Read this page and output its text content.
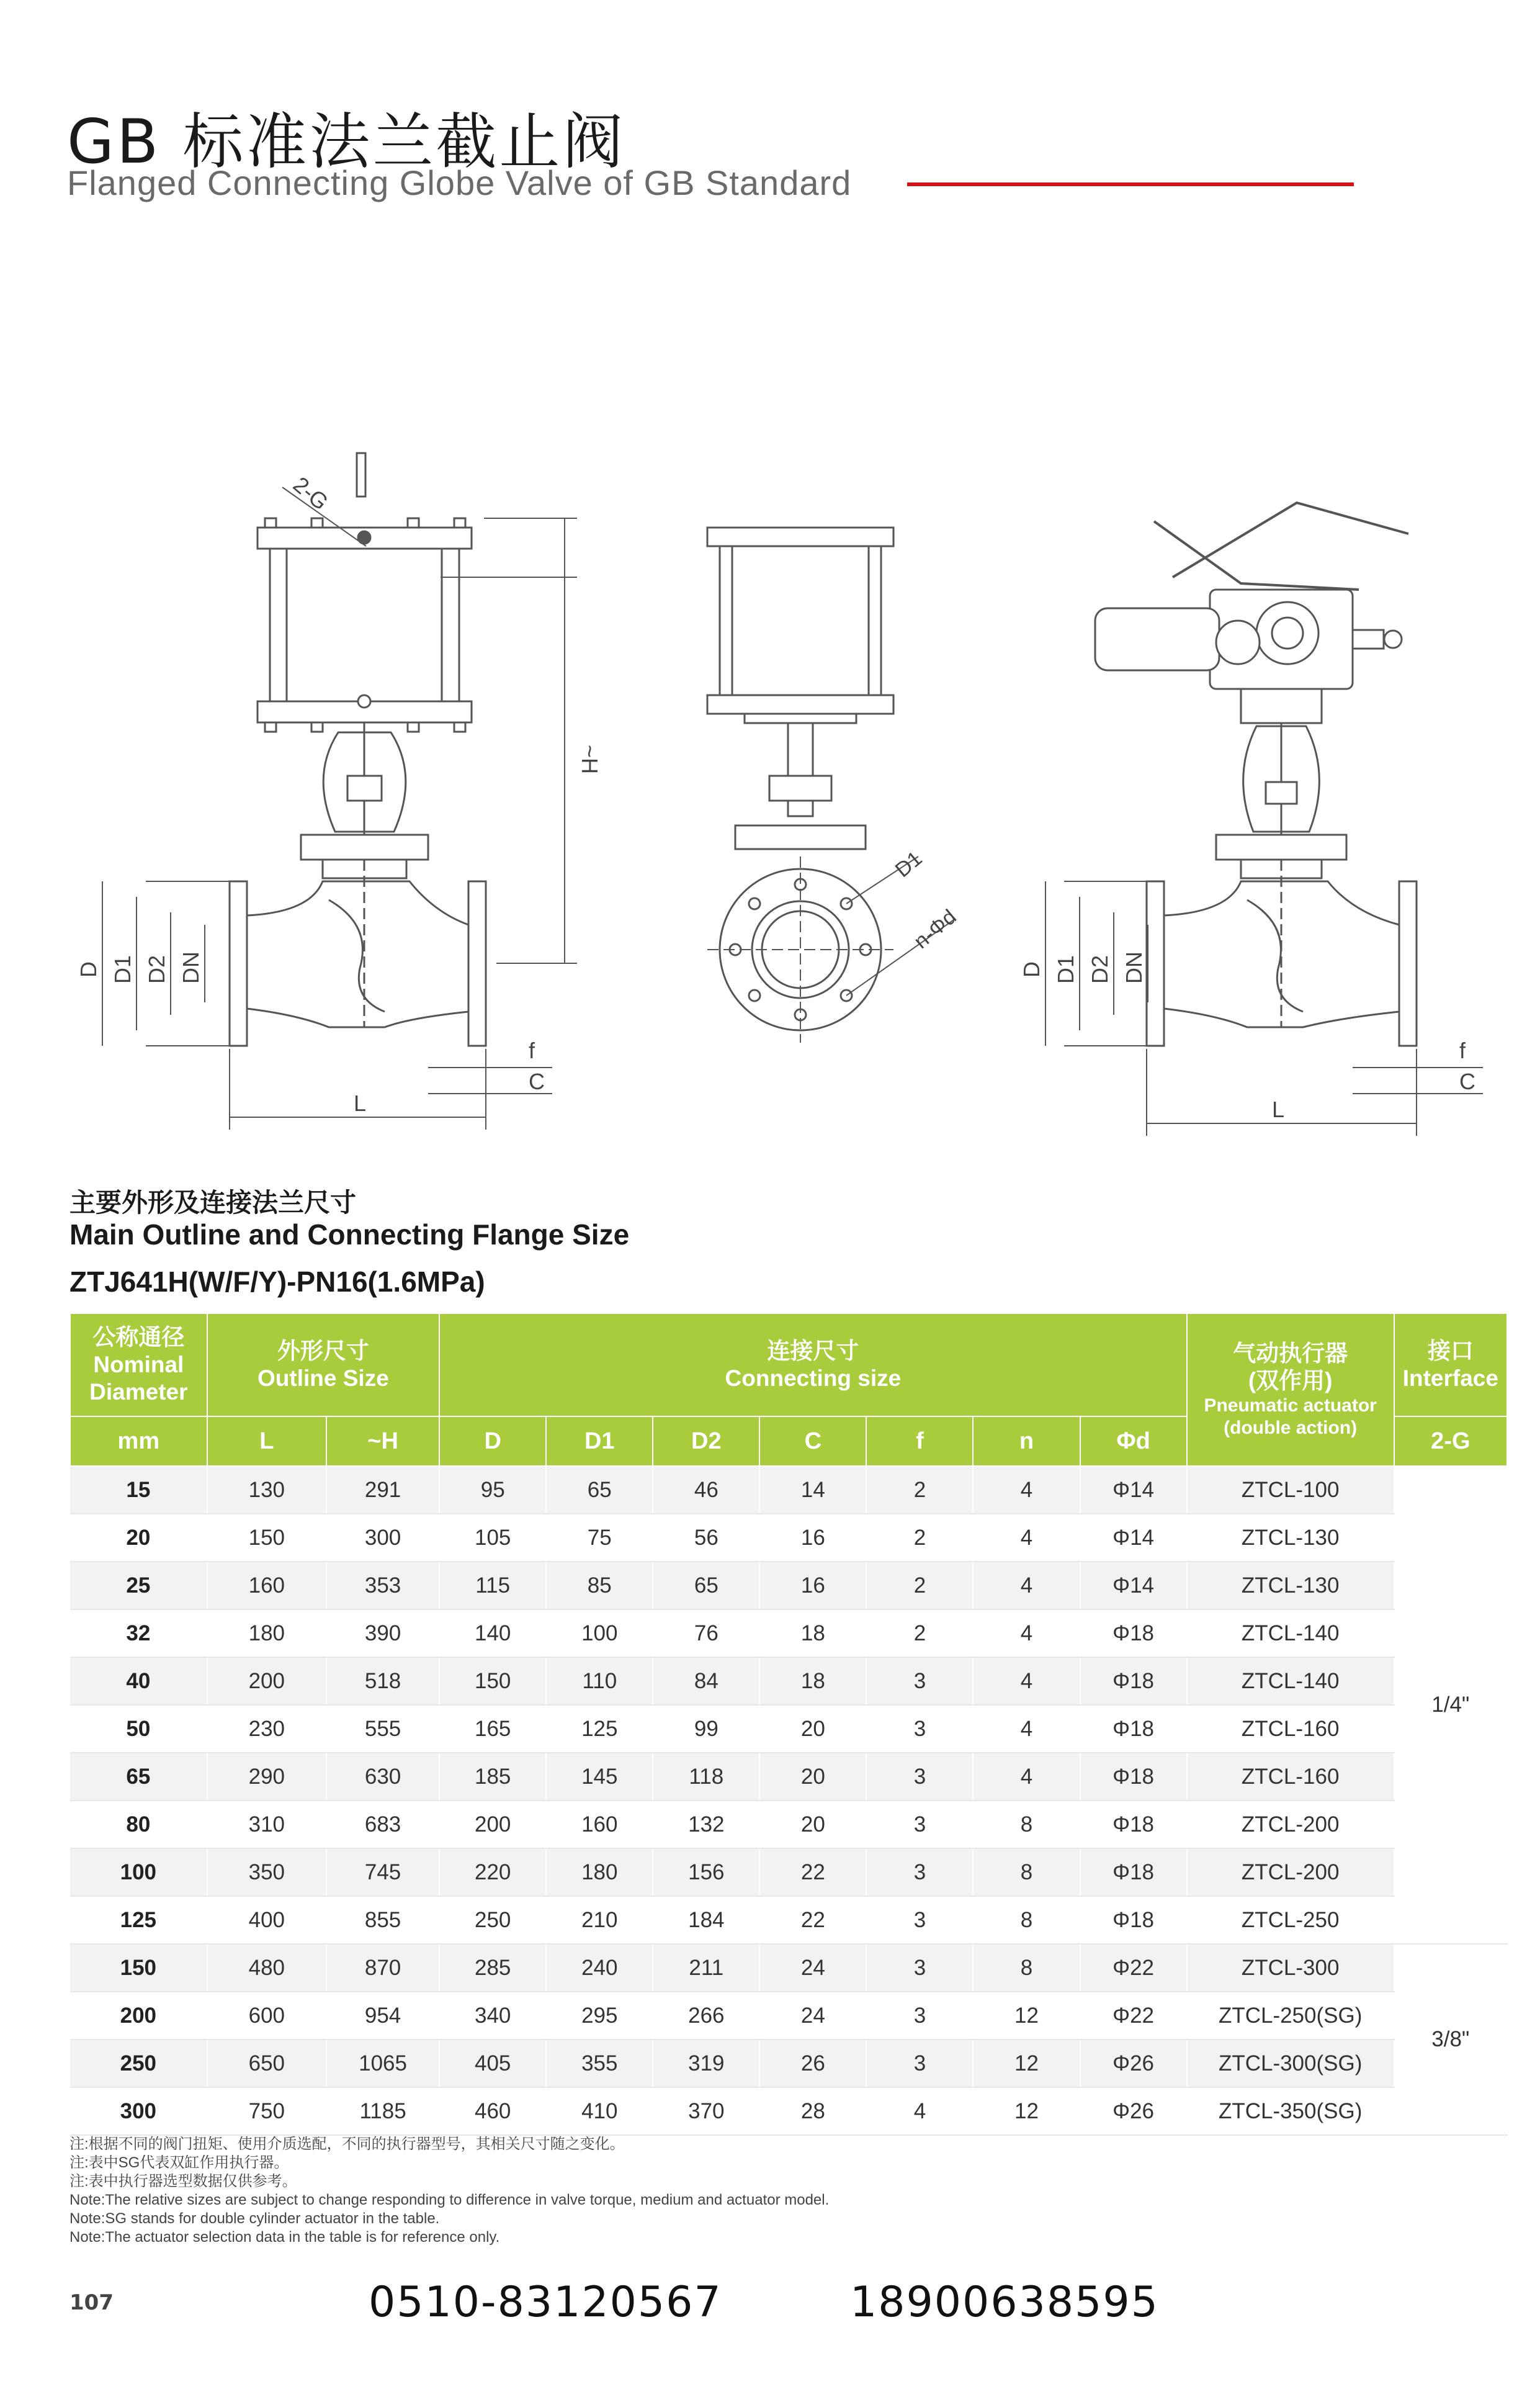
GB 标准法兰截止阀
Flanged Connecting Globe Valve of GB Standard
2-G
~H
D D1 D2 DN
f
C
L
D1
n-Φd
D D1 D2 DN
f
C
L
主要外形及连接法兰尺寸
Main Outline and Connecting Flange Size
ZTJ641H(W/F/Y)-PN16(1.6MPa)
公称通径
Nominal
Diameter	外形尺寸
Outline Size		连接尺寸
Connecting size							气动执行器
(双作用)
Pneumatic actuator
(double action)	接口
Interface

mm	L	~H	D	D1	D2	C	f	n	Φd		2-G
15	130	291	95	65	46	14	2	4	Φ14	ZTCL-100	1/4"
20	150	300	105	75	56	16	2	4	Φ14	ZTCL-130	
25	160	353	115	85	65	16	2	4	Φ14	ZTCL-130	
32	180	390	140	100	76	18	2	4	Φ18	ZTCL-140	
40	200	518	150	110	84	18	3	4	Φ18	ZTCL-140	
50	230	555	165	125	99	20	3	4	Φ18	ZTCL-160	
65	290	630	185	145	118	20	3	4	Φ18	ZTCL-160	
80	310	683	200	160	132	20	3	8	Φ18	ZTCL-200	
100	350	745	220	180	156	22	3	8	Φ18	ZTCL-200	
125	400	855	250	210	184	22	3	8	Φ18	ZTCL-250	
150	480	870	285	240	211	24	3	8	Φ22	ZTCL-300	3/8"
200	600	954	340	295	266	24	3	12	Φ22	ZTCL-250(SG)	
250	650	1065	405	355	319	26	3	12	Φ26	ZTCL-300(SG)	
300	750	1185	460	410	370	28	4	12	Φ26	ZTCL-350(SG)	
注:根据不同的阀门扭矩、使用介质选配，不同的执行器型号，其相关尺寸随之变化。
注:表中SG代表双缸作用执行器。
注:表中执行器选型数据仅供参考。
Note:The relative sizes are subject to change responding to difference in valve torque, medium and actuator model.
Note:SG stands for double cylinder actuator in the table.
Note:The actuator selection data in the table is for reference only.
107	0510-83120567	18900638595
